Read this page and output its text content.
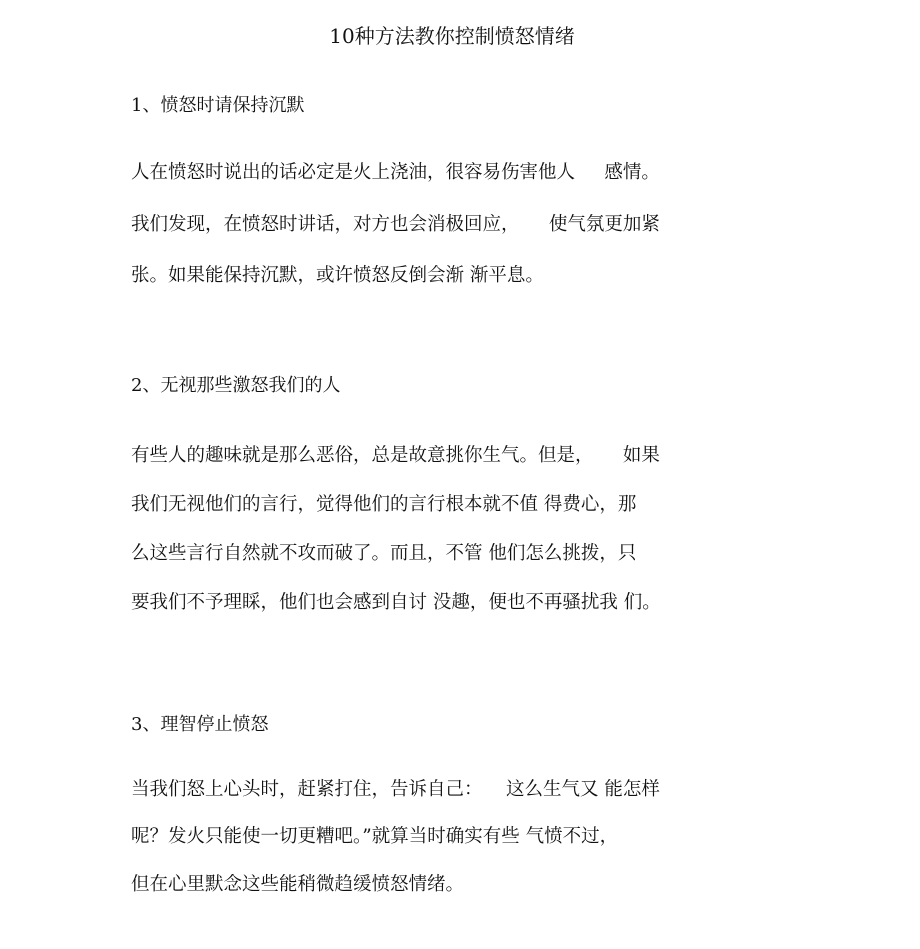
10种方法教你控制愤怒情绪
1、愤怒时请保持沉默
人在愤怒时说出的话必定是火上浇油，很容易伤害他人     感情。
我们发现，在愤怒时讲话，对方也会消极回应，     使气氛更加紧
张。如果能保持沉默，或许愤怒反倒会渐 渐平息。
2、无视那些激怒我们的人
有些人的趣味就是那么恶俗，总是故意挑你生气。但是，     如果
我们无视他们的言行，觉得他们的言行根本就不值 得费心，那
么这些言行自然就不攻而破了。而且，不管 他们怎么挑拨，只
要我们不予理睬，他们也会感到自讨 没趣，便也不再骚扰我 们。
3、理智停止愤怒
当我们怒上心头时，赶紧打住，告诉自己：    这么生气又 能怎样
呢？发火只能使一切更糟吧。”就算当时确实有些 气愤不过，
但在心里默念这些能稍微趋缓愤怒情绪。
